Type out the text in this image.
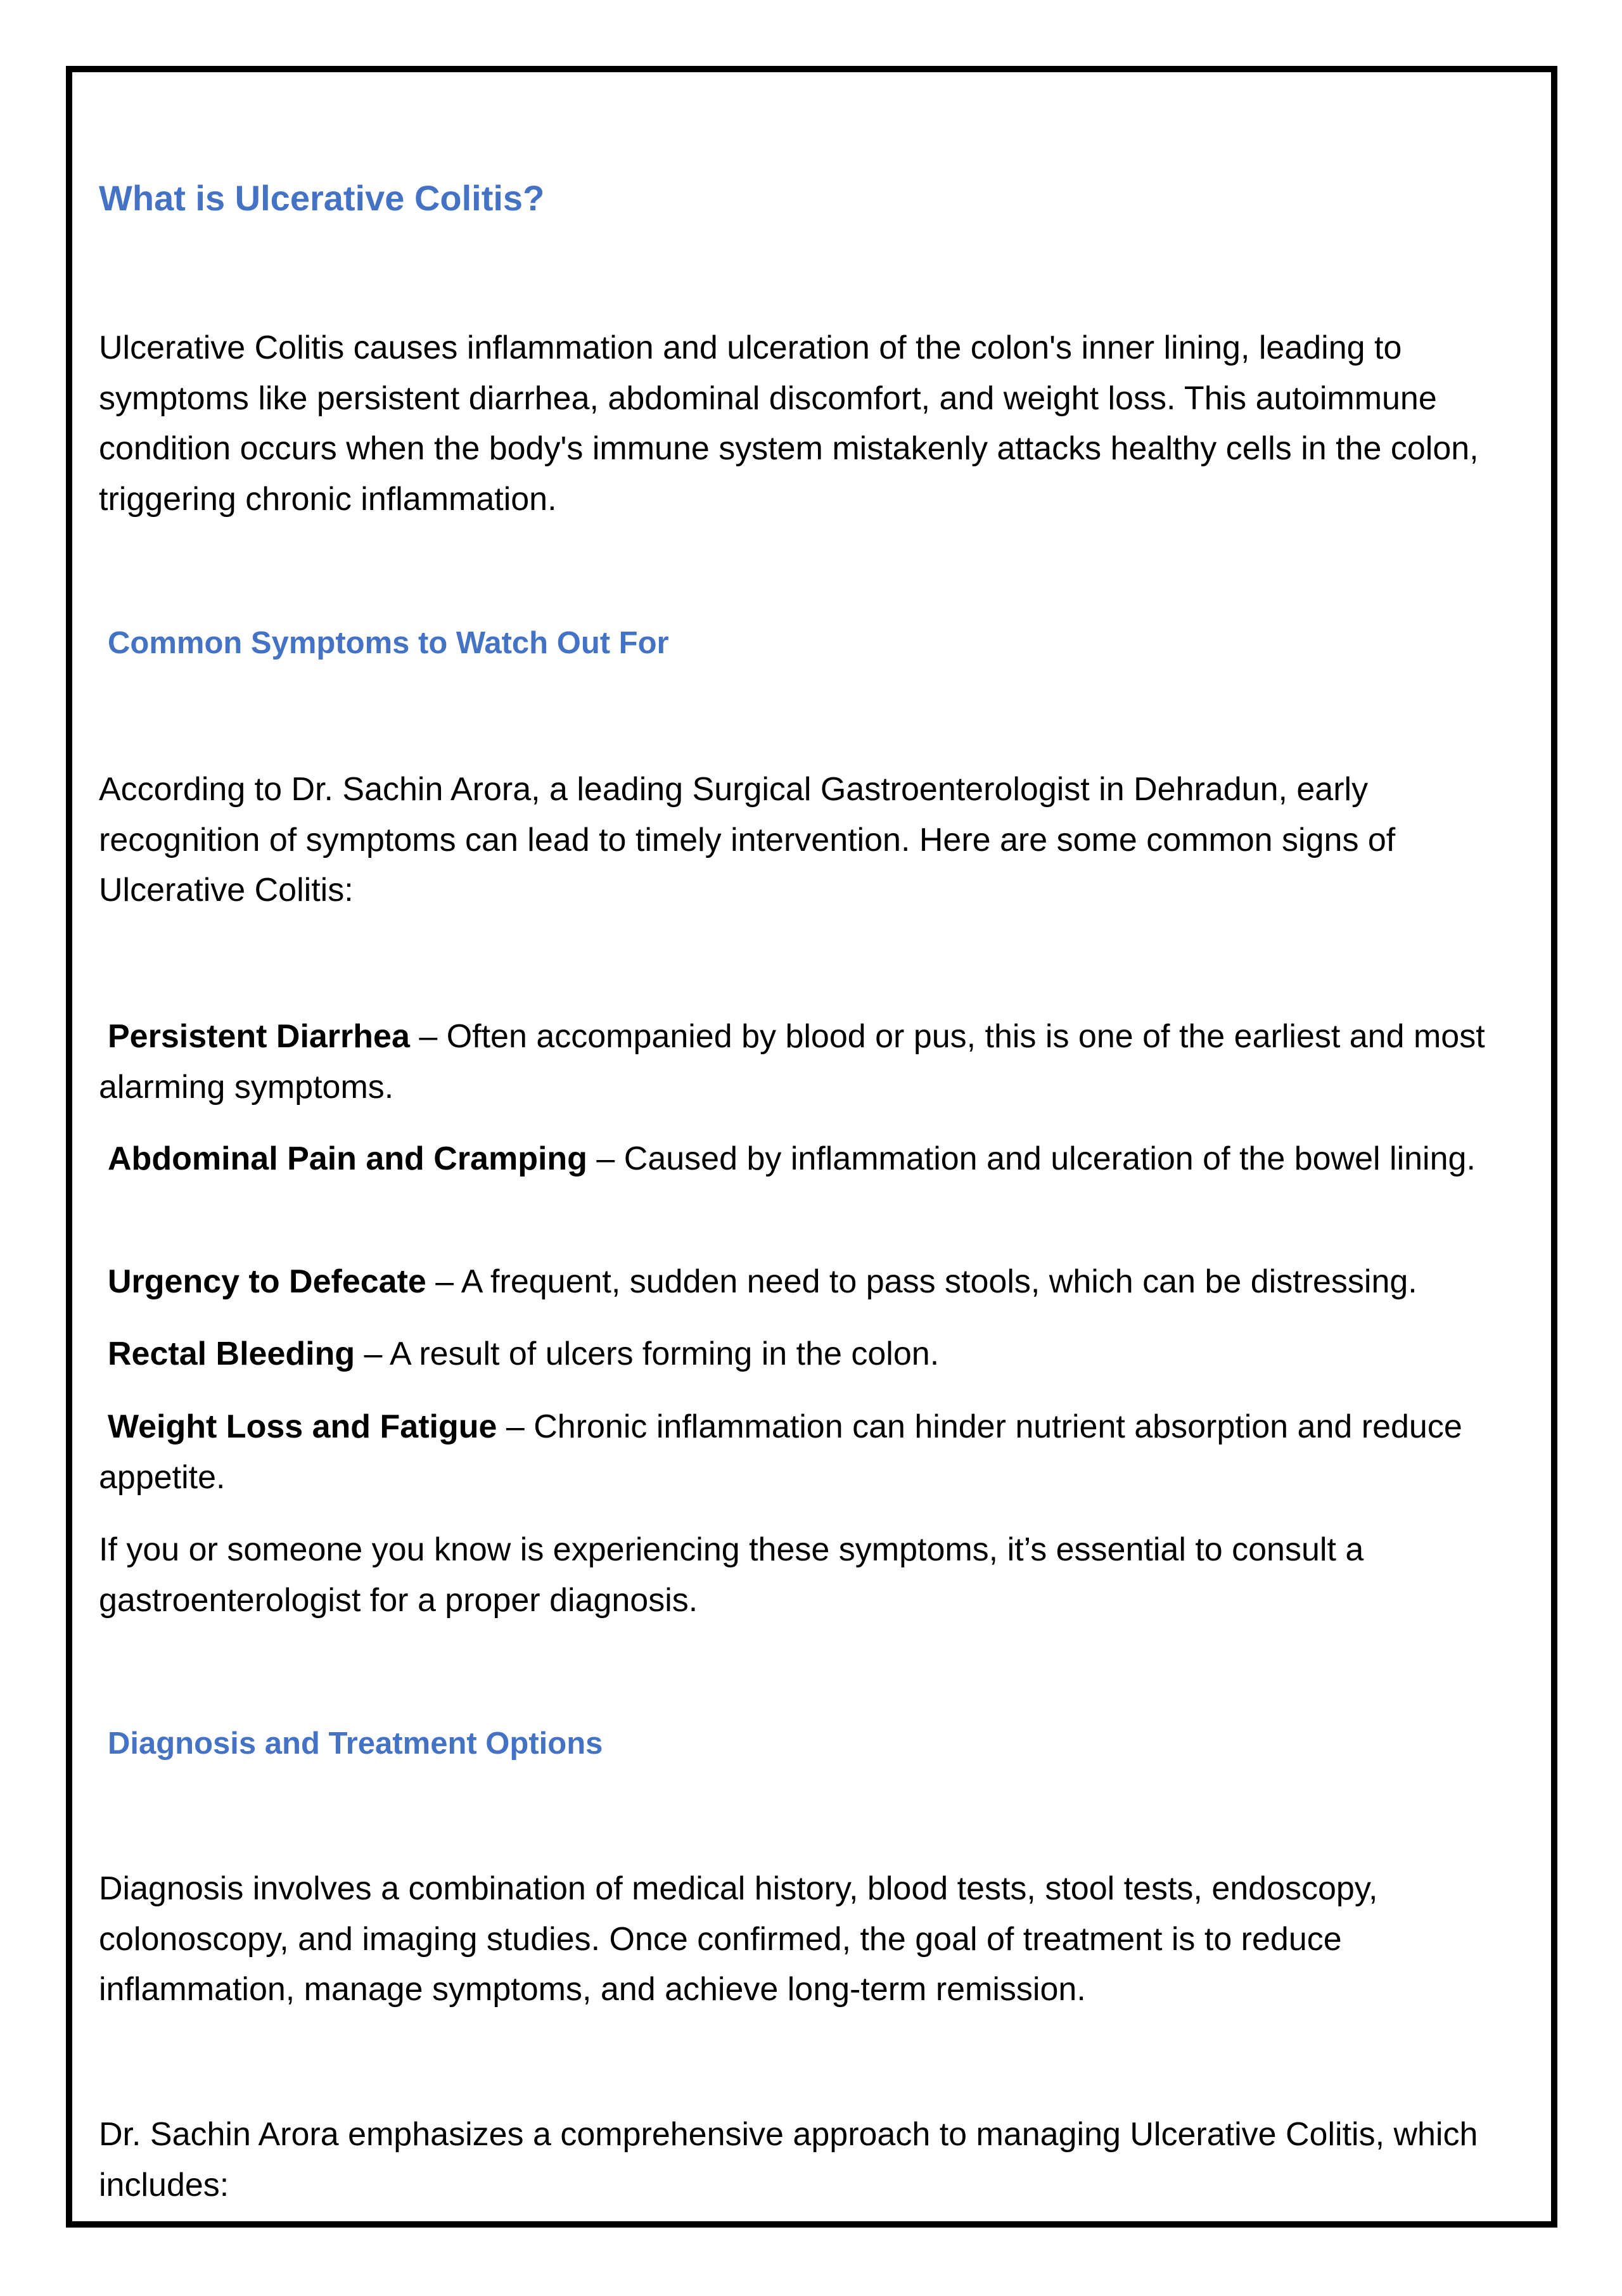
What is Ulcerative Colitis?

Ulcerative Colitis causes inflammation and ulceration of the colon's inner lining, leading to symptoms like persistent diarrhea, abdominal discomfort, and weight loss. This autoimmune condition occurs when the body's immune system mistakenly attacks healthy cells in the colon, triggering chronic inflammation.

Common Symptoms to Watch Out For

According to Dr. Sachin Arora, a leading Surgical Gastroenterologist in Dehradun, early recognition of symptoms can lead to timely intervention. Here are some common signs of Ulcerative Colitis:

Persistent Diarrhea – Often accompanied by blood or pus, this is one of the earliest and most alarming symptoms.

Abdominal Pain and Cramping – Caused by inflammation and ulceration of the bowel lining.

Urgency to Defecate – A frequent, sudden need to pass stools, which can be distressing.

Rectal Bleeding – A result of ulcers forming in the colon.

Weight Loss and Fatigue – Chronic inflammation can hinder nutrient absorption and reduce appetite.

If you or someone you know is experiencing these symptoms, it’s essential to consult a gastroenterologist for a proper diagnosis.

Diagnosis and Treatment Options

Diagnosis involves a combination of medical history, blood tests, stool tests, endoscopy, colonoscopy, and imaging studies. Once confirmed, the goal of treatment is to reduce inflammation, manage symptoms, and achieve long-term remission.

Dr. Sachin Arora emphasizes a comprehensive approach to managing Ulcerative Colitis, which includes:
